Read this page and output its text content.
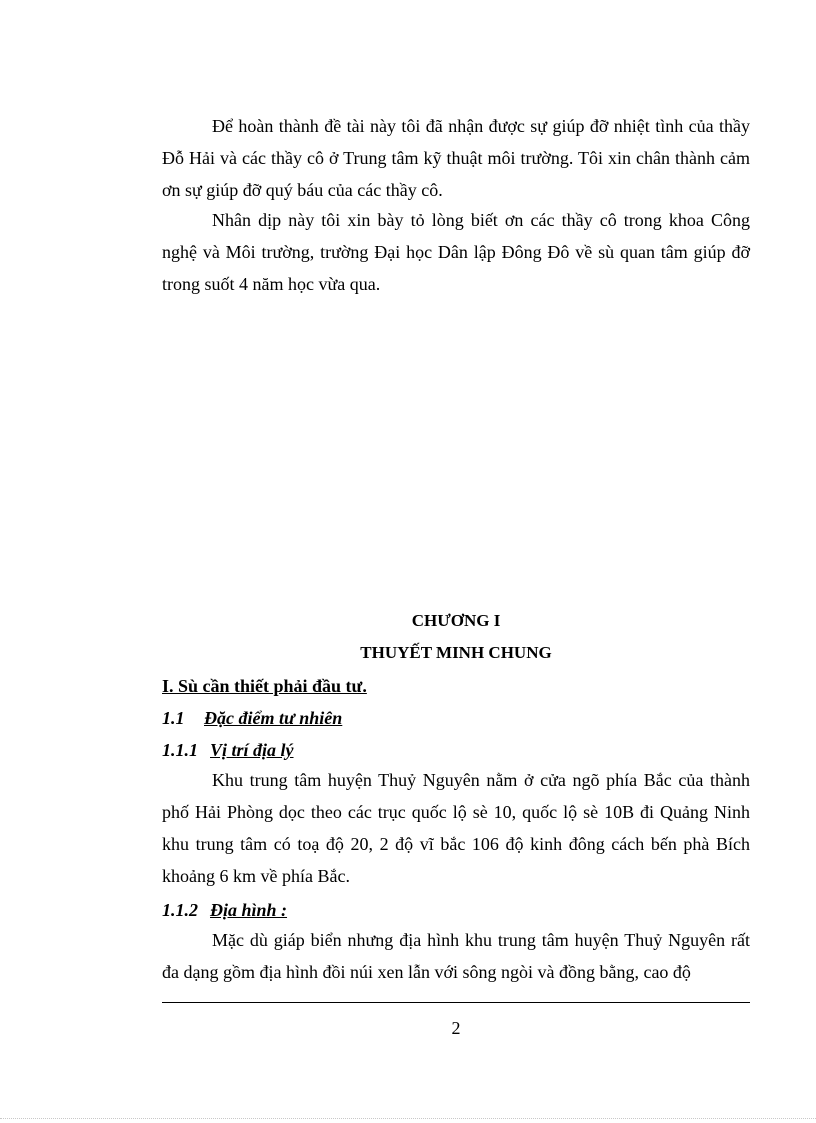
Để hoàn thành đề tài này tôi đã nhận được sự giúp đỡ nhiệt tình của thầy Đỗ Hải và các thầy cô ở Trung tâm kỹ thuật môi trường. Tôi xin chân thành cảm ơn sự giúp đỡ quý báu của các thầy cô.

Nhân dịp này tôi xin bày tỏ lòng biết ơn các thầy cô trong khoa Công nghệ và Môi trường, trường Đại học Dân lập Đông Đô về sù quan tâm giúp đỡ trong suốt 4 năm học vừa qua.

CHƯƠNG I

THUYẾT MINH CHUNG

I. Sù cần thiết phải đầu tư.

1.1 Đặc điểm tư nhiên
1.1.1 Vị trí địa lý

Khu trung tâm huyện Thuỷ Nguyên nằm ở cửa ngõ phía Bắc của thành phố Hải Phòng dọc theo các trục quốc lộ sè 10, quốc lộ sè 10B đi Quảng Ninh khu trung tâm có toạ độ 20, 2 độ vĩ bắc 106 độ kinh đông cách bến phà Bích khoảng 6 km về phía Bắc.

1.1.2 Địa hình :

Mặc dù giáp biển nhưng địa hình khu trung tâm huyện Thuỷ Nguyên rất đa dạng gồm địa hình đồi núi xen lẫn với sông ngòi và đồng bằng, cao độ

2
